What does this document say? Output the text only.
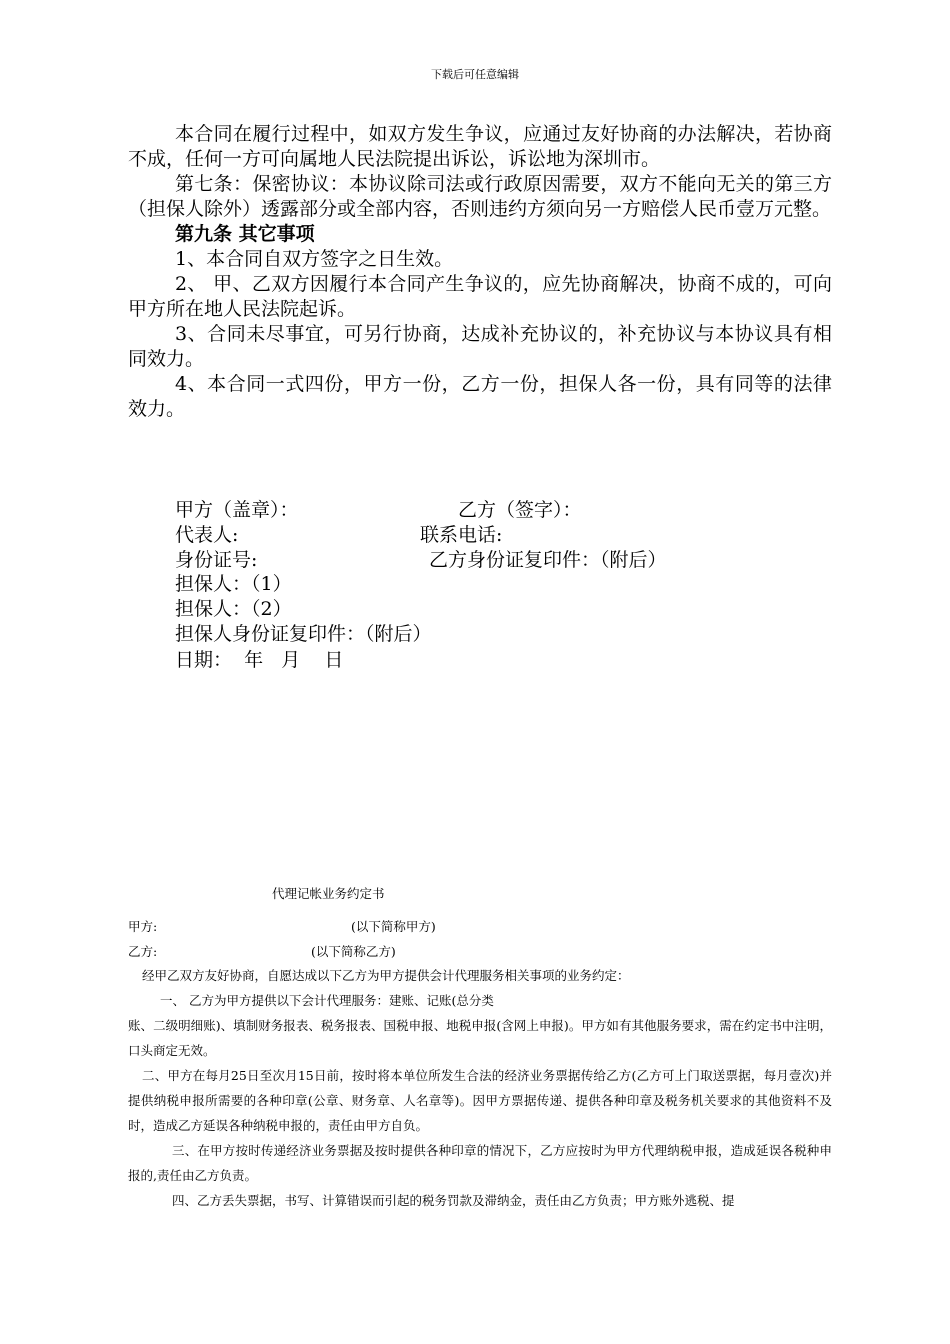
下载后可任意编辑

本合同在履行过程中，如双方发生争议，应通过友好协商的办法解决，若协商不成，任何一方可向属地人民法院提出诉讼，诉讼地为深圳市。

第七条：保密协议：本协议除司法或行政原因需要，双方不能向无关的第三方（担保人除外）透露部分或全部内容，否则违约方须向另一方赔偿人民币壹万元整。

第九条 其它事项

1、本合同自双方签字之日生效。

2、 甲、乙双方因履行本合同产生争议的，应先协商解决，协商不成的，可向甲方所在地人民法院起诉。

3、合同未尽事宜，可另行协商，达成补充协议的，补充协议与本协议具有相同效力。

4、本合同一式四份，甲方一份，乙方一份，担保人各一份，具有同等的法律效力。

甲方（盖章）：	乙方（签字）：
代表人:	联系电话:
身份证号:	乙方身份证复印件：（附后）
担保人：（1）
担保人：（2）
担保人身份证复印件：（附后）
日期：  年   月    日
代理记帐业务约定书
甲方:	(以下简称甲方)
乙方:	(以下简称乙方)

经甲乙双方友好协商，自愿达成以下乙方为甲方提供会计代理服务相关事项的业务约定：

一、 乙方为甲方提供以下会计代理服务：建账、记账(总分类

账、二级明细账)、填制财务报表、税务报表、国税申报、地税申报(含网上申报)。甲方如有其他服务要求，需在约定书中注明，口头商定无效。

二、甲方在每月25日至次月15日前，按时将本单位所发生合法的经济业务票据传给乙方(乙方可上门取送票据，每月壹次)并提供纳税申报所需要的各种印章(公章、财务章、人名章等)。因甲方票据传递、提供各种印章及税务机关要求的其他资料不及时，造成乙方延误各种纳税申报的，责任由甲方自负。

三、在甲方按时传递经济业务票据及按时提供各种印章的情况下，乙方应按时为甲方代理纳税申报，造成延误各税种申报的,责任由乙方负责。

四、乙方丢失票据，书写、计算错误而引起的税务罚款及滞纳金，责任由乙方负责；甲方账外逃税、提
